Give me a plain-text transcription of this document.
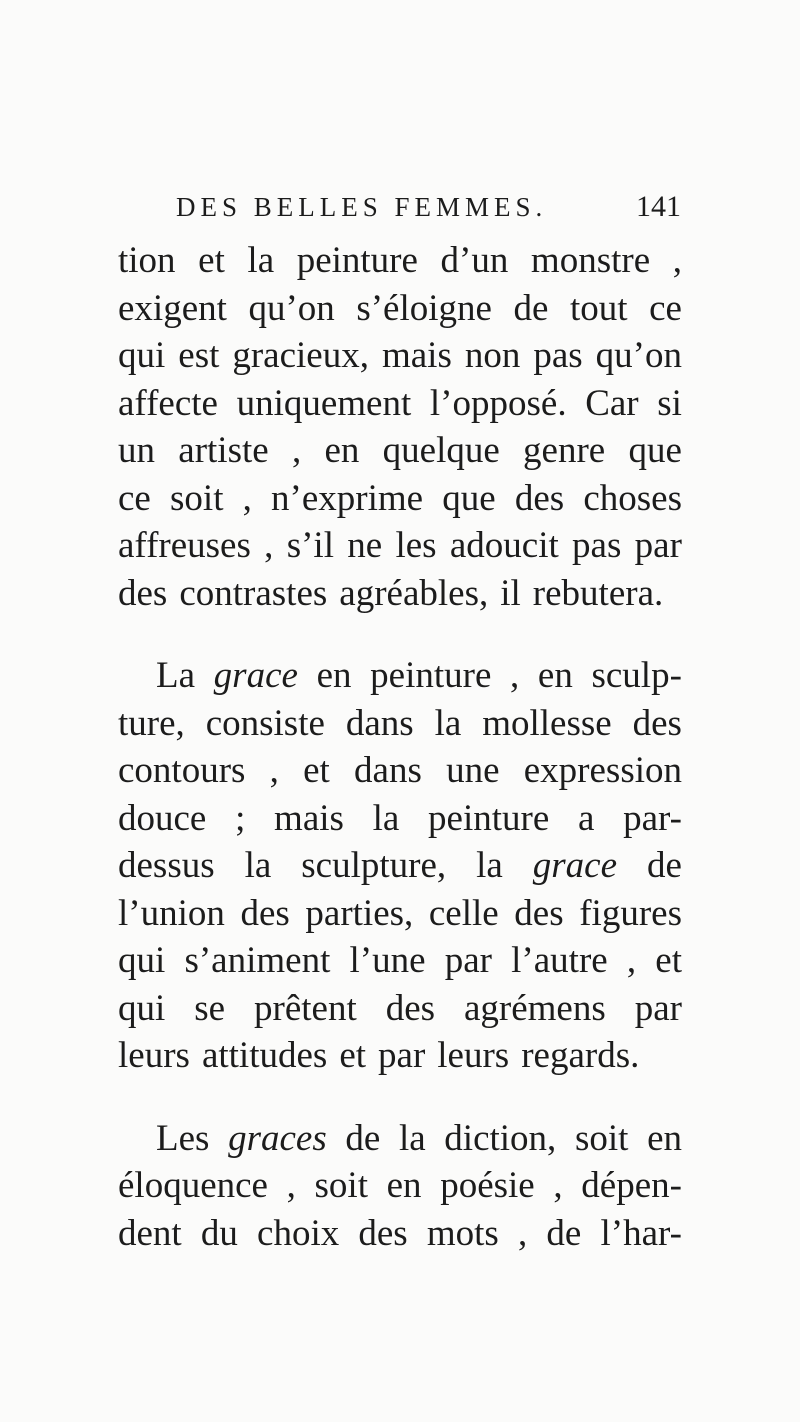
DES BELLES FEMMES.	141
tion et la peinture d’un monstre ,
exigent qu’on s’éloigne de tout ce
qui est gracieux, mais non pas qu’on
affecte uniquement l’opposé. Car si
un artiste , en quelque genre que
ce soit , n’exprime que des choses
affreuses , s’il ne les adoucit pas par
des contrastes agréables, il rebutera.
La grace en peinture , en sculp-
ture, consiste dans la mollesse des
contours , et dans une expression
douce ; mais la peinture a par-
dessus la sculpture, la grace de
l’union des parties, celle des figures
qui s’animent l’une par l’autre , et
qui se prêtent des agrémens par
leurs attitudes et par leurs regards.
Les graces de la diction, soit en
éloquence , soit en poésie , dépen-
dent du choix des mots , de l’har-
